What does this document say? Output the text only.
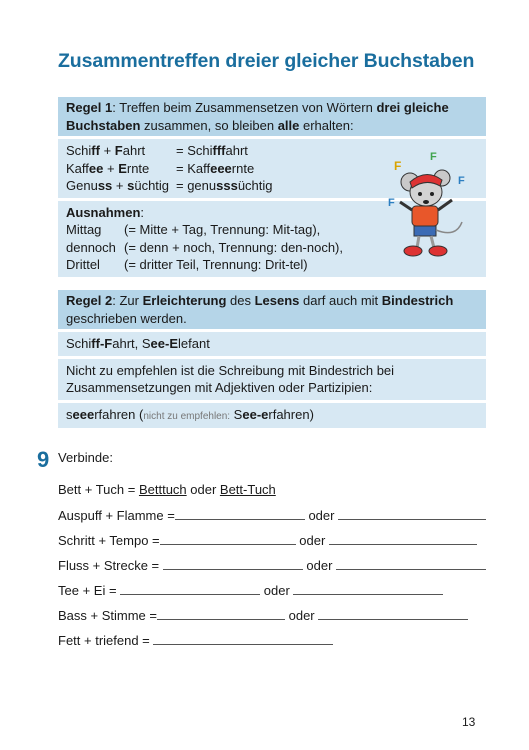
Zusammentreffen dreier gleicher Buchstaben
Regel 1: Treffen beim Zusammensetzen von Wörtern drei gleiche
Buchstaben zusammen, so bleiben alle erhalten:
Schiff + Fahrt = Schifffahrt
Kaffee + Ernte = Kaffeeernte
Genuss + süchtig = genusssüchtig
Ausnahmen:
Mittag (= Mitte + Tag, Trennung: Mit-tag),
dennoch (= denn + noch, Trennung: den-noch),
Drittel (= dritter Teil, Trennung: Drit-tel)
F
F
F
F
Regel 2: Zur Erleichterung des Lesens darf auch mit Bindestrich
geschrieben werden.
Schiff-Fahrt, See-Elefant
Nicht zu empfehlen ist die Schreibung mit Bindestrich bei Zusammensetzungen mit Adjektiven oder Partizipien:
seeerfahren (nicht zu empfehlen: See-erfahren)
9 Verbinde:
Bett + Tuch = Betttuch oder Bett-Tuch
Auspuff + Flamme =	oder
Schritt + Tempo =	oder
Fluss + Strecke =	oder
Tee + Ei =	oder
Bass + Stimme =	oder
Fett + triefend =
13
